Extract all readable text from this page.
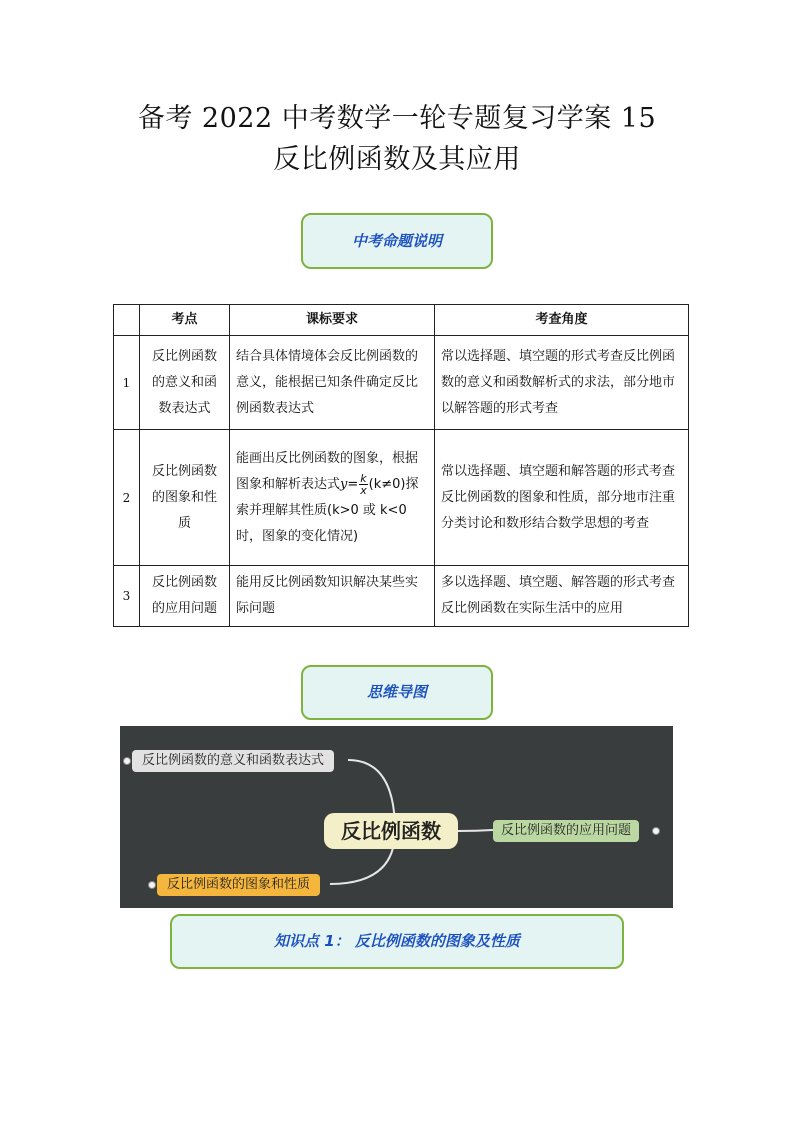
备考 2022 中考数学一轮专题复习学案 15
反比例函数及其应用
中考命题说明
	考点	课标要求	考查角度
1	反比例函数的意义和函数表达式	结合具体情境体会反比例函数的意义，能根据已知条件确定反比例函数表达式	常以选择题、填空题的形式考查反比例函数的意义和函数解析式的求法，部分地市以解答题的形式考查
2	反比例函数的图象和性质	能画出反比例函数的图象，根据图象和解析表达式$y= \frac{k}{x} (k\ne 0)$探索并理解其性质(k>0 或 k<0 时，图象的变化情况)	常以选择题、填空题和解答题的形式考查反比例函数的图象和性质，部分地市注重分类讨论和数形结合数学思想的考查
3	反比例函数的应用问题	能用反比例函数知识解决某些实际问题	多以选择题、填空题、解答题的形式考查反比例函数在实际生活中的应用
思维导图
反比例函数的意义和函数表达式
反比例函数	反比例函数的应用问题
反比例函数的图象和性质
知识点 1： 反比例函数的图象及性质
